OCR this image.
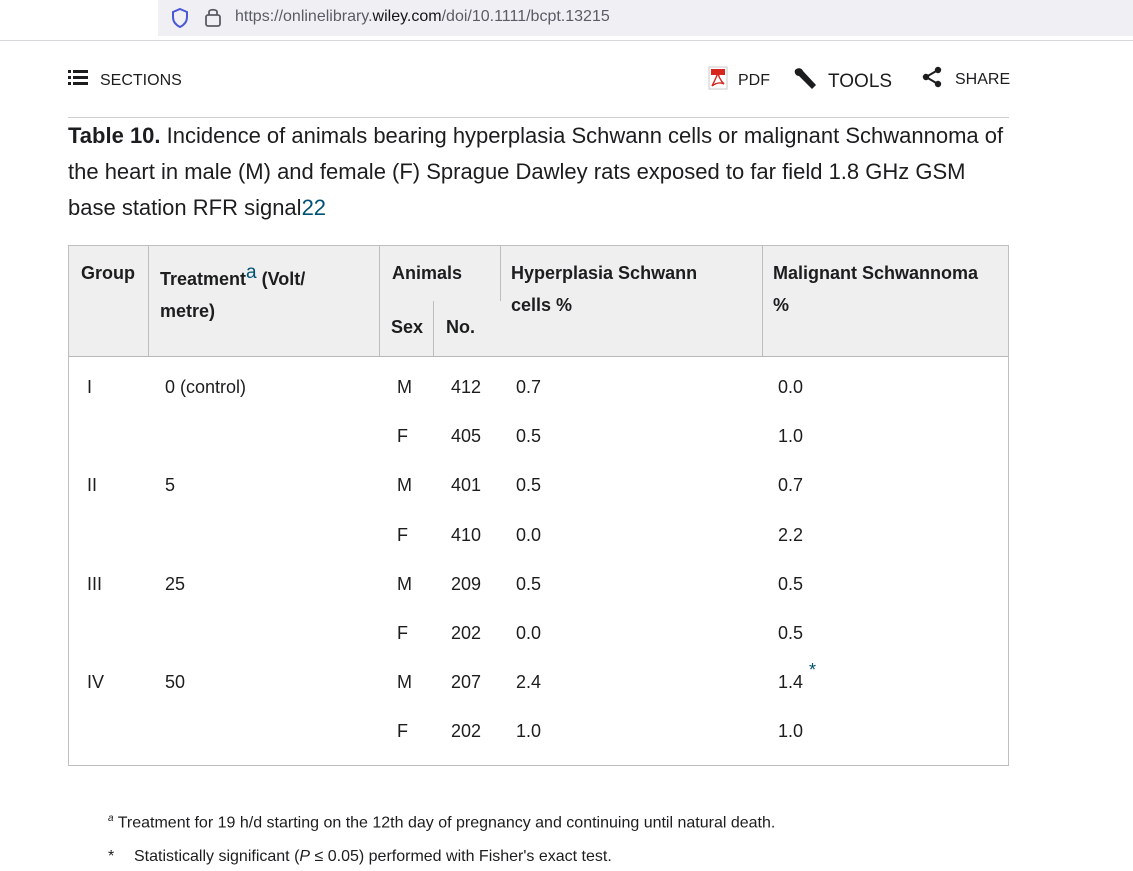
https://onlinelibrary.wiley.com/doi/10.1111/bcpt.13215
SECTIONS	PDF	TOOLS	SHARE
Table 10. Incidence of animals bearing hyperplasia Schwann cells or malignant Schwannoma of the heart in male (M) and female (F) Sprague Dawley rats exposed to far field 1.8 GHz GSM base station RFR signal22
Group Treatment$^a$ (Volt/
metre)
Animals
Sex No.
Hyperplasia Schwann
cells %
Malignant Schwannoma
%
I	0 (control)	M 412 0.7	0.0
F 405 0.5	1.0
II	5	M 401 0.5	0.7
F 410 0.0	2.2
III	25	M 209 0.5	0.5
F 202 0.0	0.5
IV	50	M 207 2.4	1.4
*
F 202 1.0	1.0
$^a$ Treatment for 19 h/d starting on the 12th day of pregnancy and continuing until natural death.
* Statistically significant (P ≤ 0.05) performed with Fisher's exact test.
